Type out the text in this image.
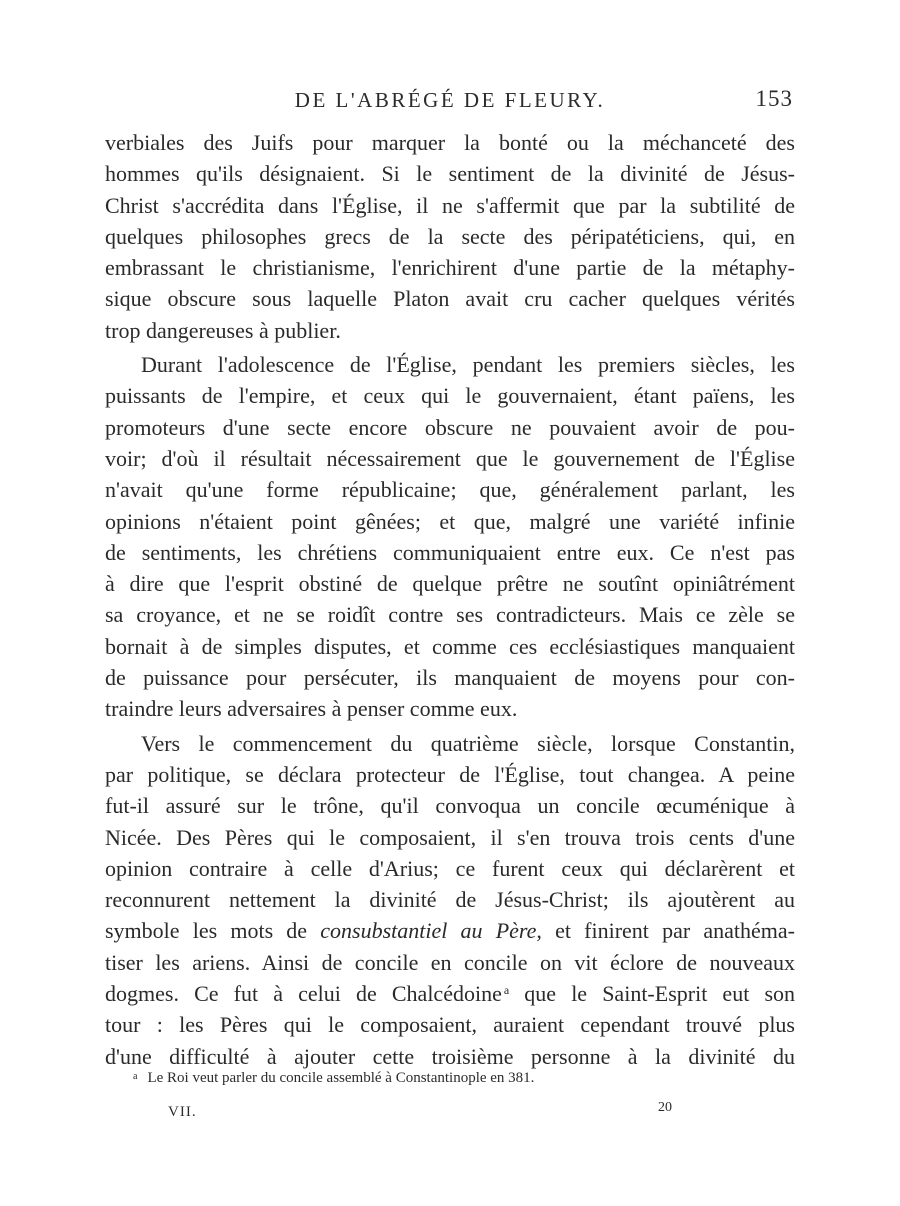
DE L'ABRÉGÉ DE FLEURY.	153
verbiales des Juifs pour marquer la bonté ou la méchanceté des
hommes qu'ils désignaient. Si le sentiment de la divinité de Jésus-
Christ s'accrédita dans l'Église, il ne s'affermit que par la subtilité de
quelques philosophes grecs de la secte des péripatéticiens, qui, en
embrassant le christianisme, l'enrichirent d'une partie de la métaphy-
sique obscure sous laquelle Platon avait cru cacher quelques vérités
trop dangereuses à publier.
Durant l'adolescence de l'Église, pendant les premiers siècles, les
puissants de l'empire, et ceux qui le gouvernaient, étant païens, les
promoteurs d'une secte encore obscure ne pouvaient avoir de pou-
voir; d'où il résultait nécessairement que le gouvernement de l'Église
n'avait qu'une forme républicaine; que, généralement parlant, les
opinions n'étaient point gênées; et que, malgré une variété infinie
de sentiments, les chrétiens communiquaient entre eux. Ce n'est pas
à dire que l'esprit obstiné de quelque prêtre ne soutînt opiniâtrément
sa croyance, et ne se roidît contre ses contradicteurs. Mais ce zèle se
bornait à de simples disputes, et comme ces ecclésiastiques manquaient
de puissance pour persécuter, ils manquaient de moyens pour con-
traindre leurs adversaires à penser comme eux.
Vers le commencement du quatrième siècle, lorsque Constantin,
par politique, se déclara protecteur de l'Église, tout changea. A peine
fut-il assuré sur le trône, qu'il convoqua un concile œcuménique à
Nicée. Des Pères qui le composaient, il s'en trouva trois cents d'une
opinion contraire à celle d'Arius; ce furent ceux qui déclarèrent et
reconnurent nettement la divinité de Jésus-Christ; ils ajoutèrent au
symbole les mots de consubstantiel au Père, et finirent par anathéma-
tiser les ariens. Ainsi de concile en concile on vit éclore de nouveaux
dogmes. Ce fut à celui de Chalcédoine $^a$ que le Saint-Esprit eut son
tour : les Pères qui le composaient, auraient cependant trouvé plus
d'une difficulté à ajouter cette troisième personne à la divinité du
$^a$ Le Roi veut parler du concile assemblé à Constantinople en 381.
VII.	20
